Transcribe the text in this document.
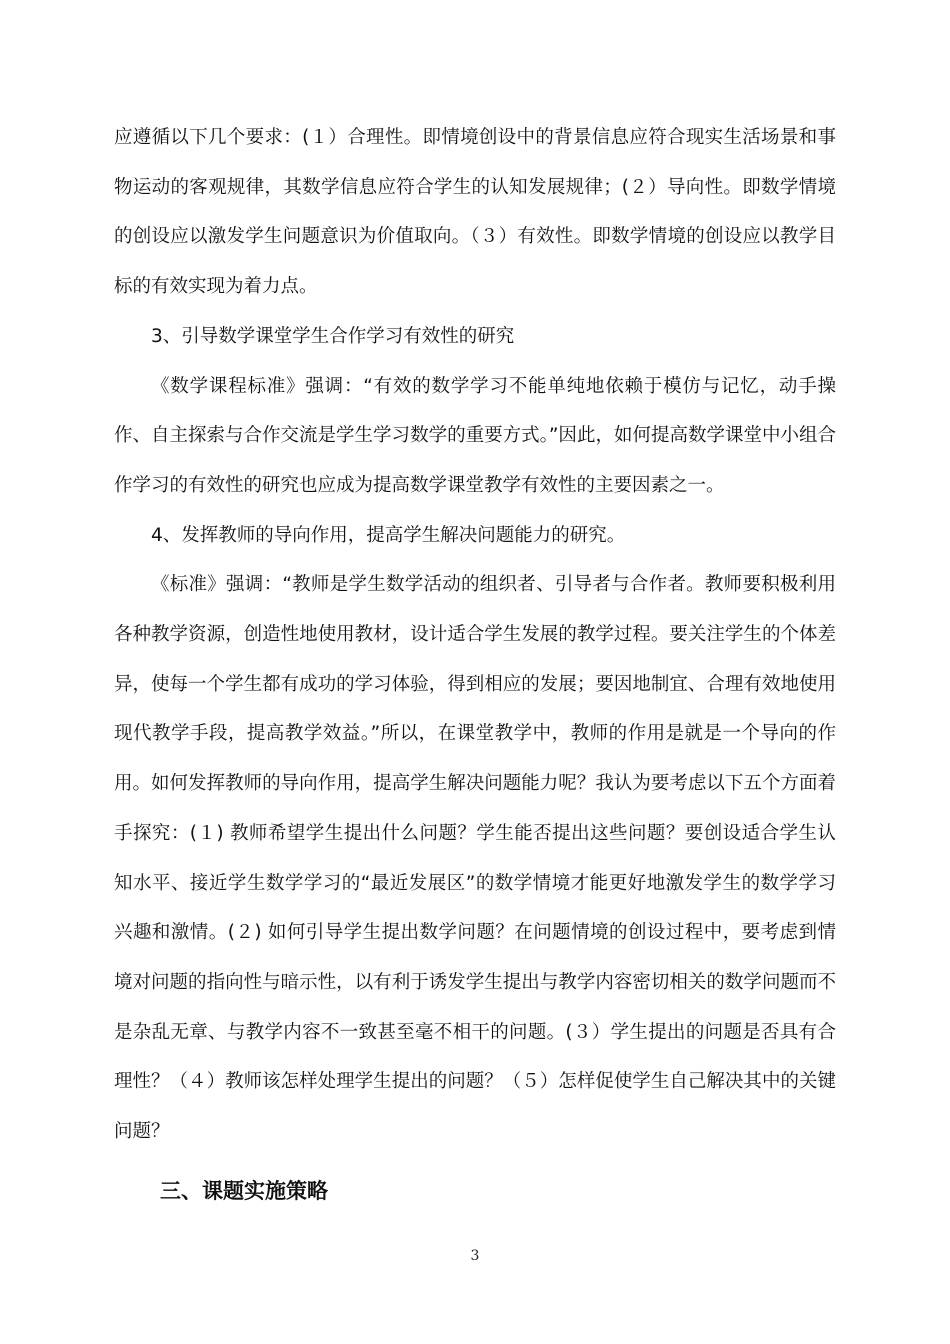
应遵循以下几个要求：(１）合理性。即情境创设中的背景信息应符合现实生活场景和事物运动的客观规律，其数学信息应符合学生的认知发展规律；(２）导向性。即数学情境的创设应以激发学生问题意识为价值取向。（３）有效性。即数学情境的创设应以教学目标的有效实现为着力点。

3、引导数学课堂学生合作学习有效性的研究

《数学课程标准》强调：“有效的数学学习不能单纯地依赖于模仿与记忆，动手操作、自主探索与合作交流是学生学习数学的重要方式。”因此，如何提高数学课堂中小组合作学习的有效性的研究也应成为提高数学课堂教学有效性的主要因素之一。

4、发挥教师的导向作用，提高学生解决问题能力的研究。

《标准》强调：“教师是学生数学活动的组织者、引导者与合作者。教师要积极利用各种教学资源，创造性地使用教材，设计适合学生发展的教学过程。要关注学生的个体差异，使每一个学生都有成功的学习体验，得到相应的发展；要因地制宜、合理有效地使用现代教学手段，提高教学效益。”所以，在课堂教学中，教师的作用是就是一个导向的作用。如何发挥教师的导向作用，提高学生解决问题能力呢？我认为要考虑以下五个方面着手探究：(１) 教师希望学生提出什么问题？学生能否提出这些问题？要创设适合学生认知水平、接近学生数学学习的“最近发展区”的数学情境才能更好地激发学生的数学学习兴趣和激情。(２) 如何引导学生提出数学问题？在问题情境的创设过程中，要考虑到情境对问题的指向性与暗示性，以有利于诱发学生提出与教学内容密切相关的数学问题而不是杂乱无章、与教学内容不一致甚至毫不相干的问题。(３）学生提出的问题是否具有合理性？（４）教师该怎样处理学生提出的问题？（５）怎样促使学生自己解决其中的关键问题？

三、课题实施策略
3
